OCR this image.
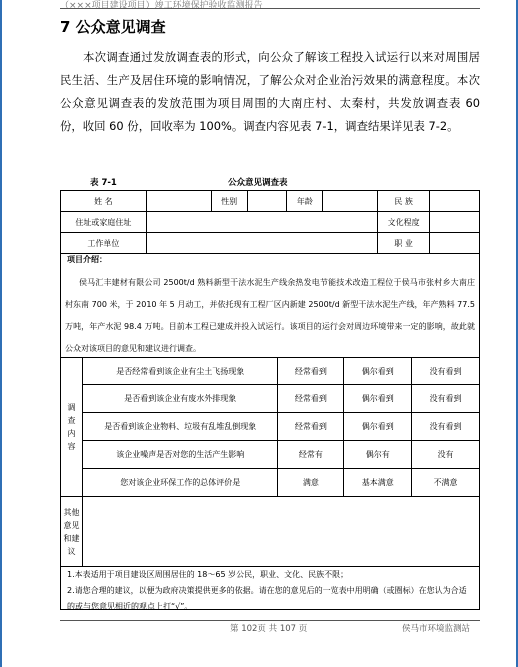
（×××项目建设项目）竣工环境保护验收监测报告
7 公众意见调查
本次调查通过发放调查表的形式，向公众了解该工程投入试运行以来对周围居民生活、生产及居住环境的影响情况，了解公众对企业治污效果的满意程度。本次公众意见调查表的发放范围为项目周围的大南庄村、太秦村，共发放调查表 60 份，收回 60 份，回收率为 100%。调查内容见表 7-1，调查结果详见表 7-2。
表 7-1	公众意见调查表
姓 名		性别		年龄		民 族	
住址或家庭住址						文化程度	
工作单位						职 业	
项目介绍：
侯马汇丰建材有限公司 2500t/d 熟料新型干法水泥生产线余热发电节能技术改造工程位于侯马市张村乡大南庄村东南 700 米，于 2010 年 5 月动工，并依托现有工程厂区内新建 2500t/d 新型干法水泥生产线，年产熟料 77.5 万吨，年产水泥 98.4 万吨。目前本工程已建成并投入试运行。该项目的运行会对周边环境带来一定的影响，故此就公众对该项目的意见和建议进行调查。
调查内容	是否经常看到该企业有尘土飞扬现象	经常看到	偶尔看到	没有看到
	是否看到该企业有废水外排现象	经常看到	偶尔看到	没有看到
	是否看到该企业物料、垃圾有乱堆乱倒现象	经常看到	偶尔看到	没有看到
	该企业噪声是否对您的生活产生影响	经常有	偶尔有	没有
	您对该企业环保工作的总体评价是	满意	基本满意	不满意
其他意见和建议				
1.本表适用于项目建设区周围居住的 18～65 岁公民，职业、文化、民族不限；
2.请您合理的建议，以便为政府决策提供更多的依据。请在您的意见后的一览表中用明确（或圈标）在您认为合适的或与您意见相近的观点上打“√”。
第 102页 共 107 页	侯马市环境监测站
